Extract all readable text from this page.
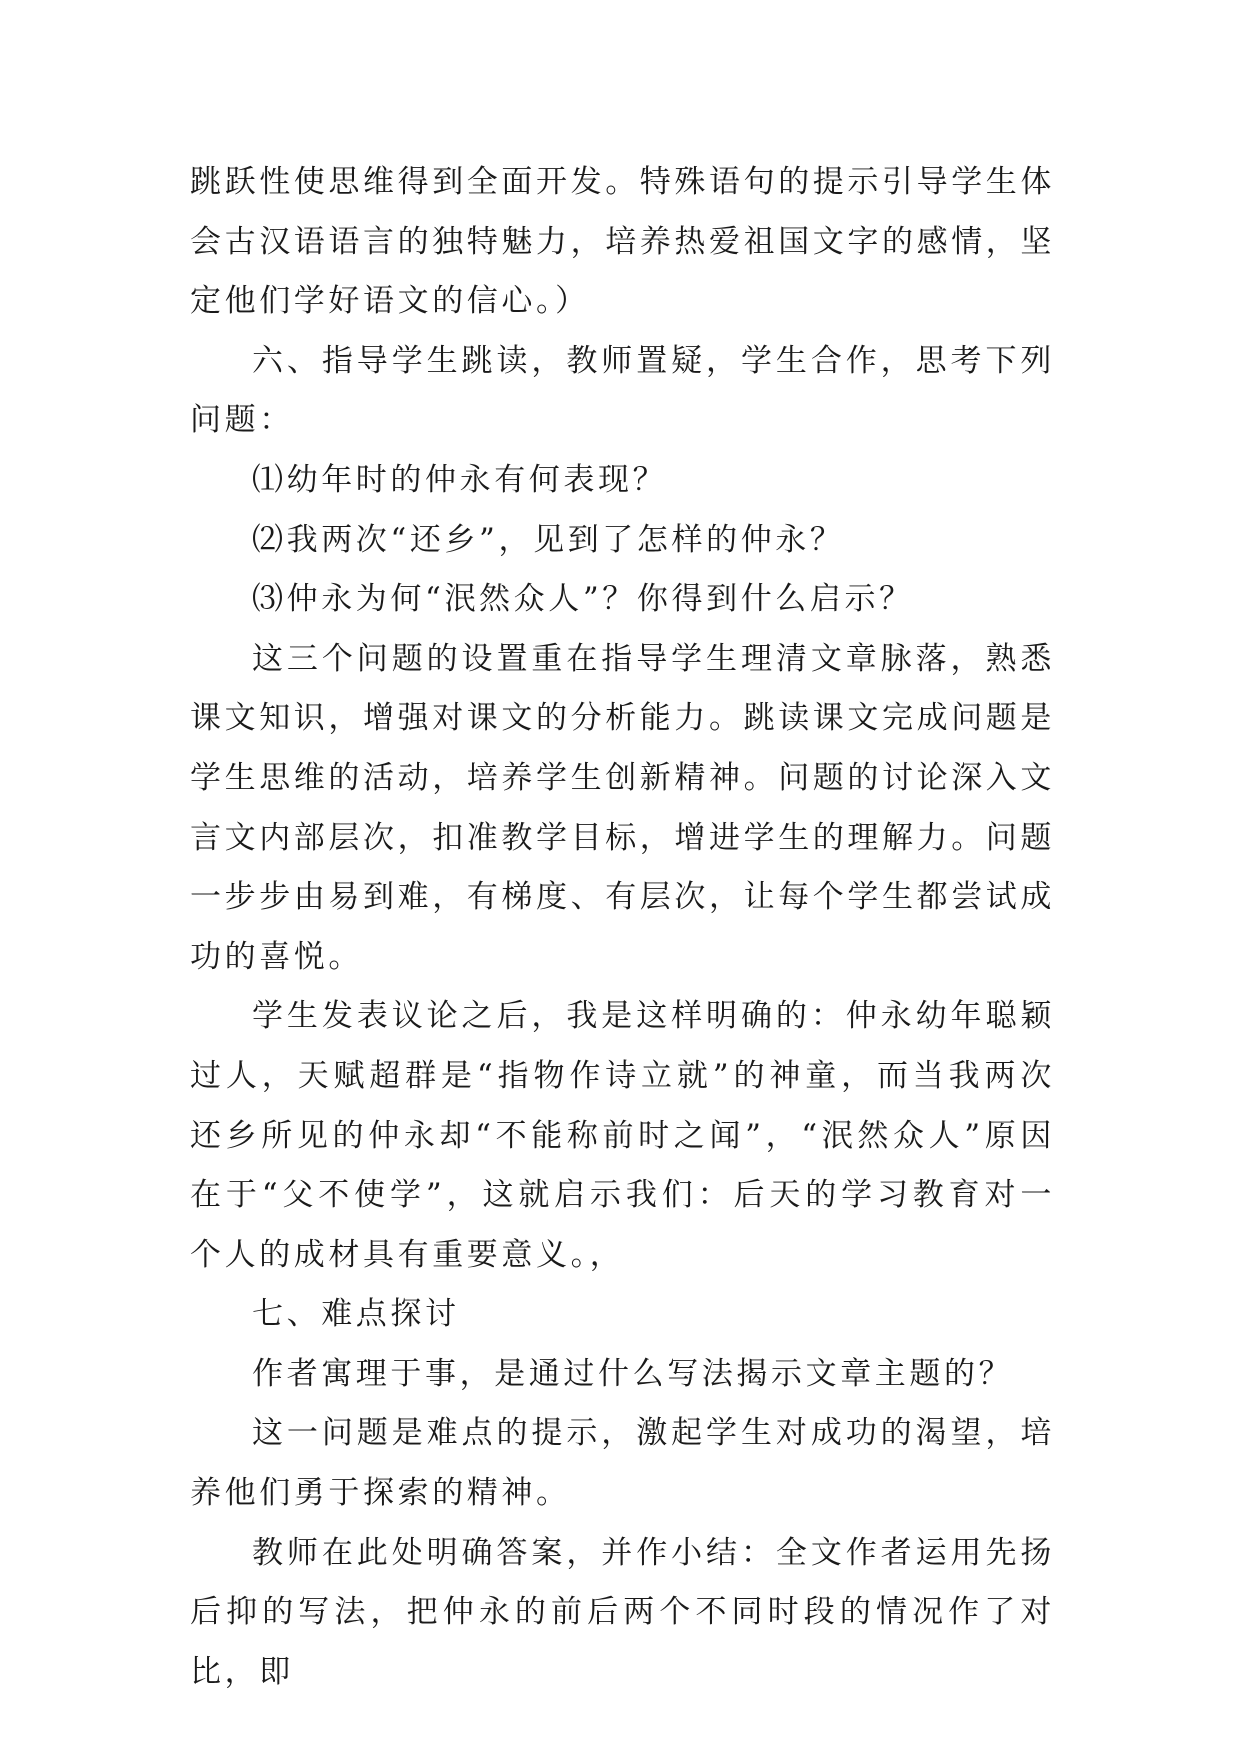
跳跃性使思维得到全面开发。特殊语句的提示引导学生体会古汉语语言的独特魅力，培养热爱祖国文字的感情，坚定他们学好语文的信心。）

六、指导学生跳读，教师置疑，学生合作，思考下列问题：

⑴幼年时的仲永有何表现？

⑵我两次“还乡”，见到了怎样的仲永？

⑶仲永为何“泯然众人”？你得到什么启示？

这三个问题的设置重在指导学生理清文章脉落，熟悉课文知识，增强对课文的分析能力。跳读课文完成问题是学生思维的活动，培养学生创新精神。问题的讨论深入文言文内部层次，扣准教学目标，增进学生的理解力。问题一步步由易到难，有梯度、有层次，让每个学生都尝试成功的喜悦。

学生发表议论之后，我是这样明确的：仲永幼年聪颖过人，天赋超群是“指物作诗立就”的神童，而当我两次还乡所见的仲永却“不能称前时之闻”，“泯然众人”原因在于“父不使学”，这就启示我们：后天的学习教育对一个人的成材具有重要意义。，

七、难点探讨

作者寓理于事，是通过什么写法揭示文章主题的？

这一问题是难点的提示，激起学生对成功的渴望，培养他们勇于探索的精神。

教师在此处明确答案，并作小结：全文作者运用先扬后抑的写法，把仲永的前后两个不同时段的情况作了对比，即
